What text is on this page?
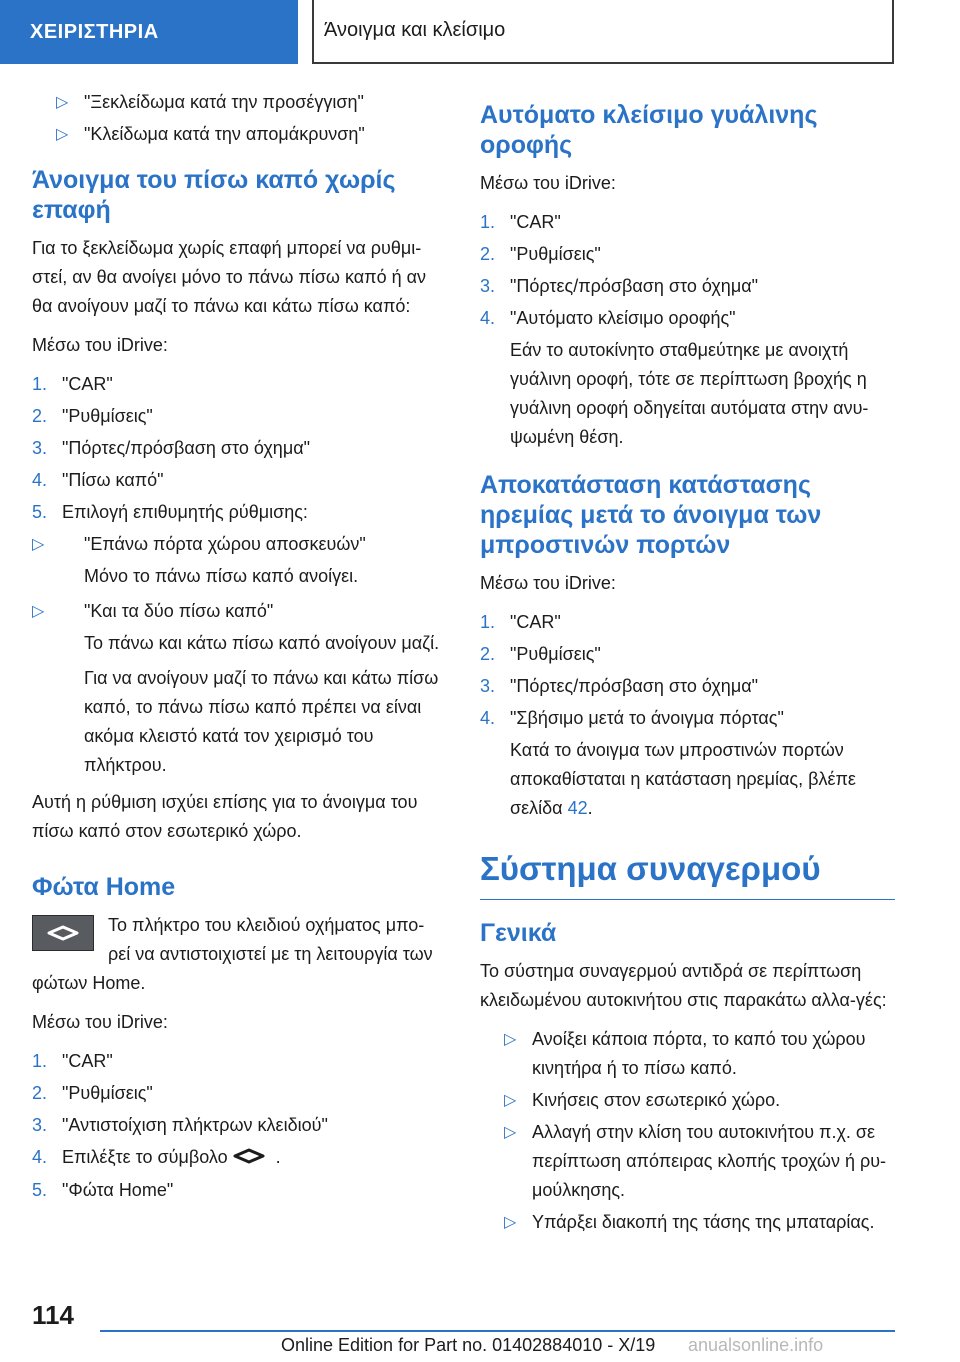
ΧΕΙΡΙΣΤΗΡΙΑ	Άνοιγμα και κλείσιμο
▷ "Ξεκλείδωμα κατά την προσέγγιση"
▷ "Κλείδωμα κατά την απομάκρυνση"
Άνοιγμα του πίσω καπό χωρίς επαφή

Για το ξεκλείδωμα χωρίς επαφή μπορεί να ρυθμι-στεί, αν θα ανοίγει μόνο το πάνω πίσω καπό ή αν θα ανοίγουν μαζί το πάνω και κάτω πίσω καπό:

Μέσω του iDrive:

1. "CAR"
2. "Ρυθμίσεις"
3. "Πόρτες/πρόσβαση στο όχημα"
4. "Πίσω καπό"
5. Επιλογή επιθυμητής ρύθμισης:
▷ "Επάνω πόρτα χώρου αποσκευών"
Μόνο το πάνω πίσω καπό ανοίγει.
▷ "Και τα δύο πίσω καπό"
Το πάνω και κάτω πίσω καπό ανοίγουν μαζί.
Για να ανοίγουν μαζί το πάνω και κάτω πίσω καπό, το πάνω πίσω καπό πρέπει να είναι ακόμα κλειστό κατά τον χειρισμό του πλήκτρου.

Αυτή η ρύθμιση ισχύει επίσης για το άνοιγμα του πίσω καπό στον εσωτερικό χώρο.

Φώτα Home

Το πλήκτρο του κλειδιού οχήματος μπο-ρεί να αντιστοιχιστεί με τη λειτουργία των φώτων Home.

Μέσω του iDrive:

1. "CAR"
2. "Ρυθμίσεις"
3. "Αντιστοίχιση πλήκτρων κλειδιού"
4. Επιλέξτε το σύμβολο	.
5. "Φώτα Home"
Αυτόματο κλείσιμο γυάλινης οροφής

Μέσω του iDrive:

1. "CAR"
2. "Ρυθμίσεις"
3. "Πόρτες/πρόσβαση στο όχημα"
4. "Αυτόματο κλείσιμο οροφής"
Εάν το αυτοκίνητο σταθμεύτηκε με ανοιχτή γυάλινη οροφή, τότε σε περίπτωση βροχής η γυάλινη οροφή οδηγείται αυτόματα στην ανυ-ψωμένη θέση.
Αποκατάσταση κατάστασης ηρεμίας μετά το άνοιγμα των μπροστινών πορτών

Μέσω του iDrive:

1. "CAR"
2. "Ρυθμίσεις"
3. "Πόρτες/πρόσβαση στο όχημα"
4. "Σβήσιμο μετά το άνοιγμα πόρτας"
Κατά το άνοιγμα των μπροστινών πορτών αποκαθίσταται η κατάσταση ηρεμίας, βλέπε σελίδα 42.
Σύστημα συναγερμού
Γενικά

Το σύστημα συναγερμού αντιδρά σε περίπτωση κλειδωμένου αυτοκινήτου στις παρακάτω αλλα-γές:

▷ Ανοίξει κάποια πόρτα, το καπό του χώρου κινητήρα ή το πίσω καπό.
▷ Κινήσεις στον εσωτερικό χώρο.
▷ Αλλαγή στην κλίση του αυτοκινήτου π.χ. σε περίπτωση απόπειρας κλοπής τροχών ή ρυ-μούλκησης.
▷ Υπάρξει διακοπή της τάσης της μπαταρίας.
114
Online Edition for Part no. 01402884010 - X/19 anualsonline.info
